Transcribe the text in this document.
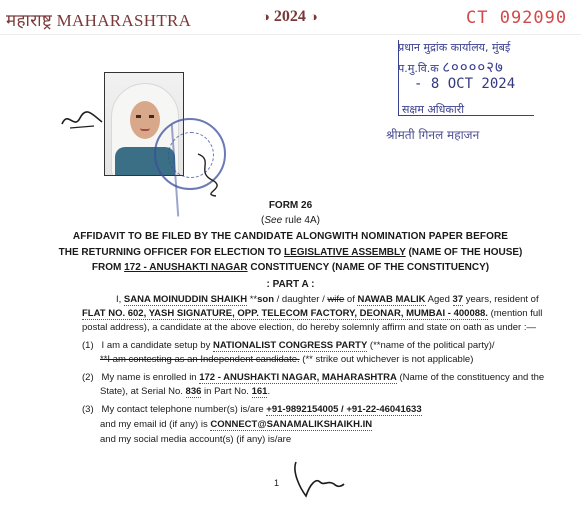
महाराष्ट्र MAHARASHTRA	◑ 2024 ◑	CT 092090
प्रधान मुद्रांक कार्यालय, मुंबई
प.मु.वि.क ८००००२७
- 8 OCT 2024
सक्षम अधिकारी
श्रीमती गिनल महाजन
FORM 26
(See rule 4A)
AFFIDAVIT TO BE FILED BY THE CANDIDATE ALONGWITH NOMINATION PAPER BEFORE
THE RETURNING OFFICER FOR ELECTION TO LEGISLATIVE ASSEMBLY (NAME OF THE HOUSE)
FROM 172 - ANUSHAKTI NAGAR CONSTITUENCY (NAME OF THE CONSTITUENCY)
: PART A :
I, SANA MOINUDDIN SHAIKH **son / daughter / wife of NAWAB MALIK Aged 37 years, resident of
FLAT NO. 602, YASH SIGNATURE, OPP. TELECOM FACTORY, DEONAR, MUMBAI - 400088. (mention full
postal address), a candidate at the above election, do hereby solemnly affirm and state on oath as under :—
(1) I am a candidate setup by NATIONALIST CONGRESS PARTY (**name of the political party)/
**I am contesting as an Independent candidate. (** strike out whichever is not applicable)
(2) My name is enrolled in 172 - ANUSHAKTI NAGAR, MAHARASHTRA (Name of the constituency and the
State), at Serial No. 836 in Part No. 161.
(3) My contact telephone number(s) is/are +91-9892154005 / +91-22-46041633
and my email id (if any) is CONNECT@SANAMALIKSHAIKH.IN
and my social media account(s) (if any) is/are
1
